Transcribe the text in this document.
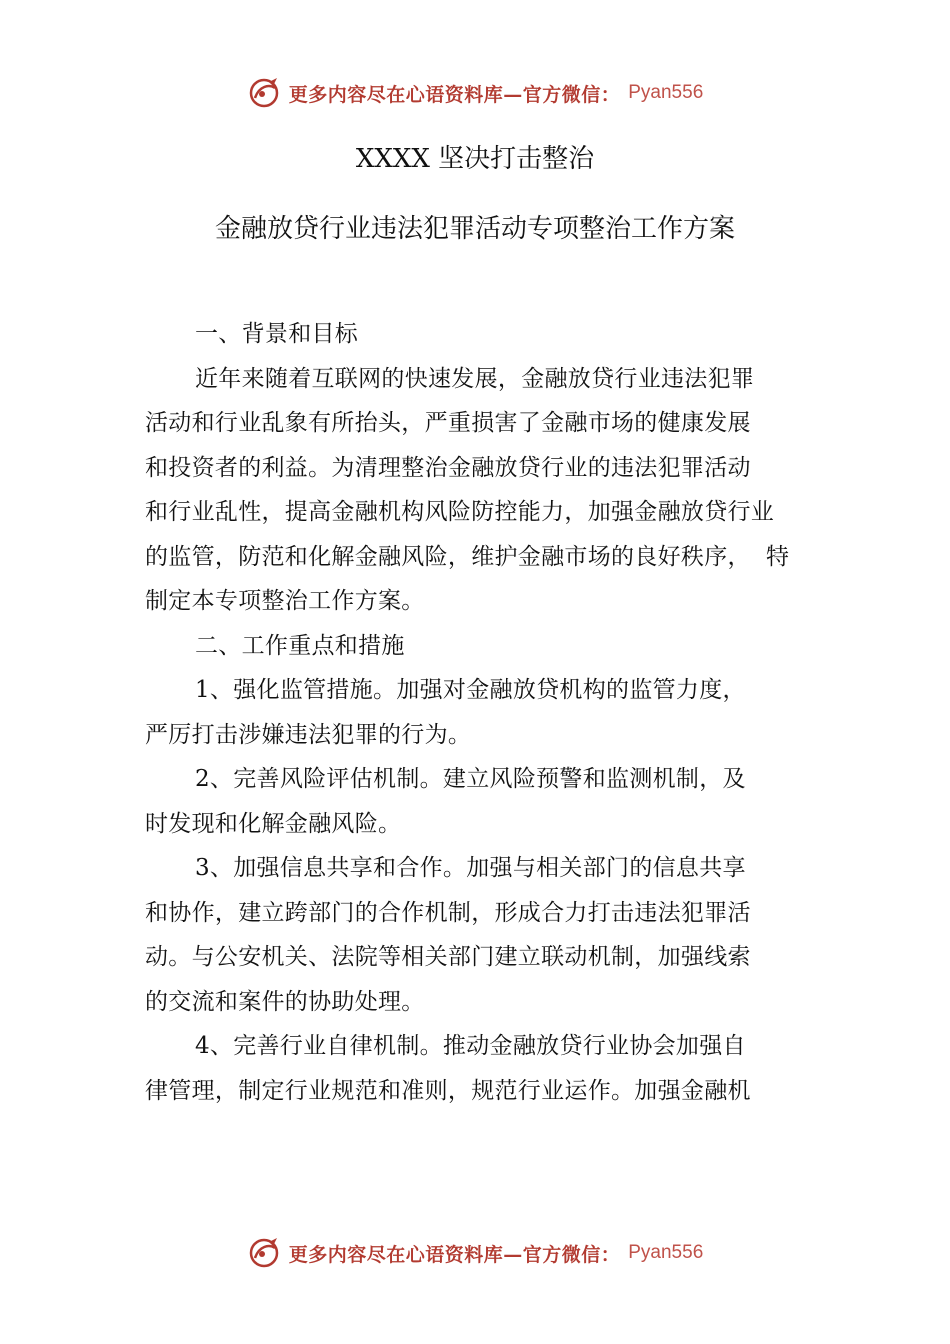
更多内容尽在心语资料库—官方微信： Pyan556
XXXX 坚决打击整治
金融放贷行业违法犯罪活动专项整治工作方案

一、背景和目标

近年来随着互联网的快速发展，金融放贷行业违法犯罪

活动和行业乱象有所抬头，严重损害了金融市场的健康发展

和投资者的利益。为清理整治金融放贷行业的违法犯罪活动

和行业乱性，提高金融机构风险防控能力，加强金融放贷行业

的监管，防范和化解金融风险，维护金融市场的良好秩序，  特

制定本专项整治工作方案。

二、工作重点和措施

1、强化监管措施。加强对金融放贷机构的监管力度，

严厉打击涉嫌违法犯罪的行为。

2、完善风险评估机制。建立风险预警和监测机制，及

时发现和化解金融风险。

3、加强信息共享和合作。加强与相关部门的信息共享

和协作，建立跨部门的合作机制，形成合力打击违法犯罪活

动。与公安机关、法院等相关部门建立联动机制，加强线索

的交流和案件的协助处理。

4、完善行业自律机制。推动金融放贷行业协会加强自

律管理，制定行业规范和准则，规范行业运作。加强金融机

更多内容尽在心语资料库—官方微信： Pyan556
